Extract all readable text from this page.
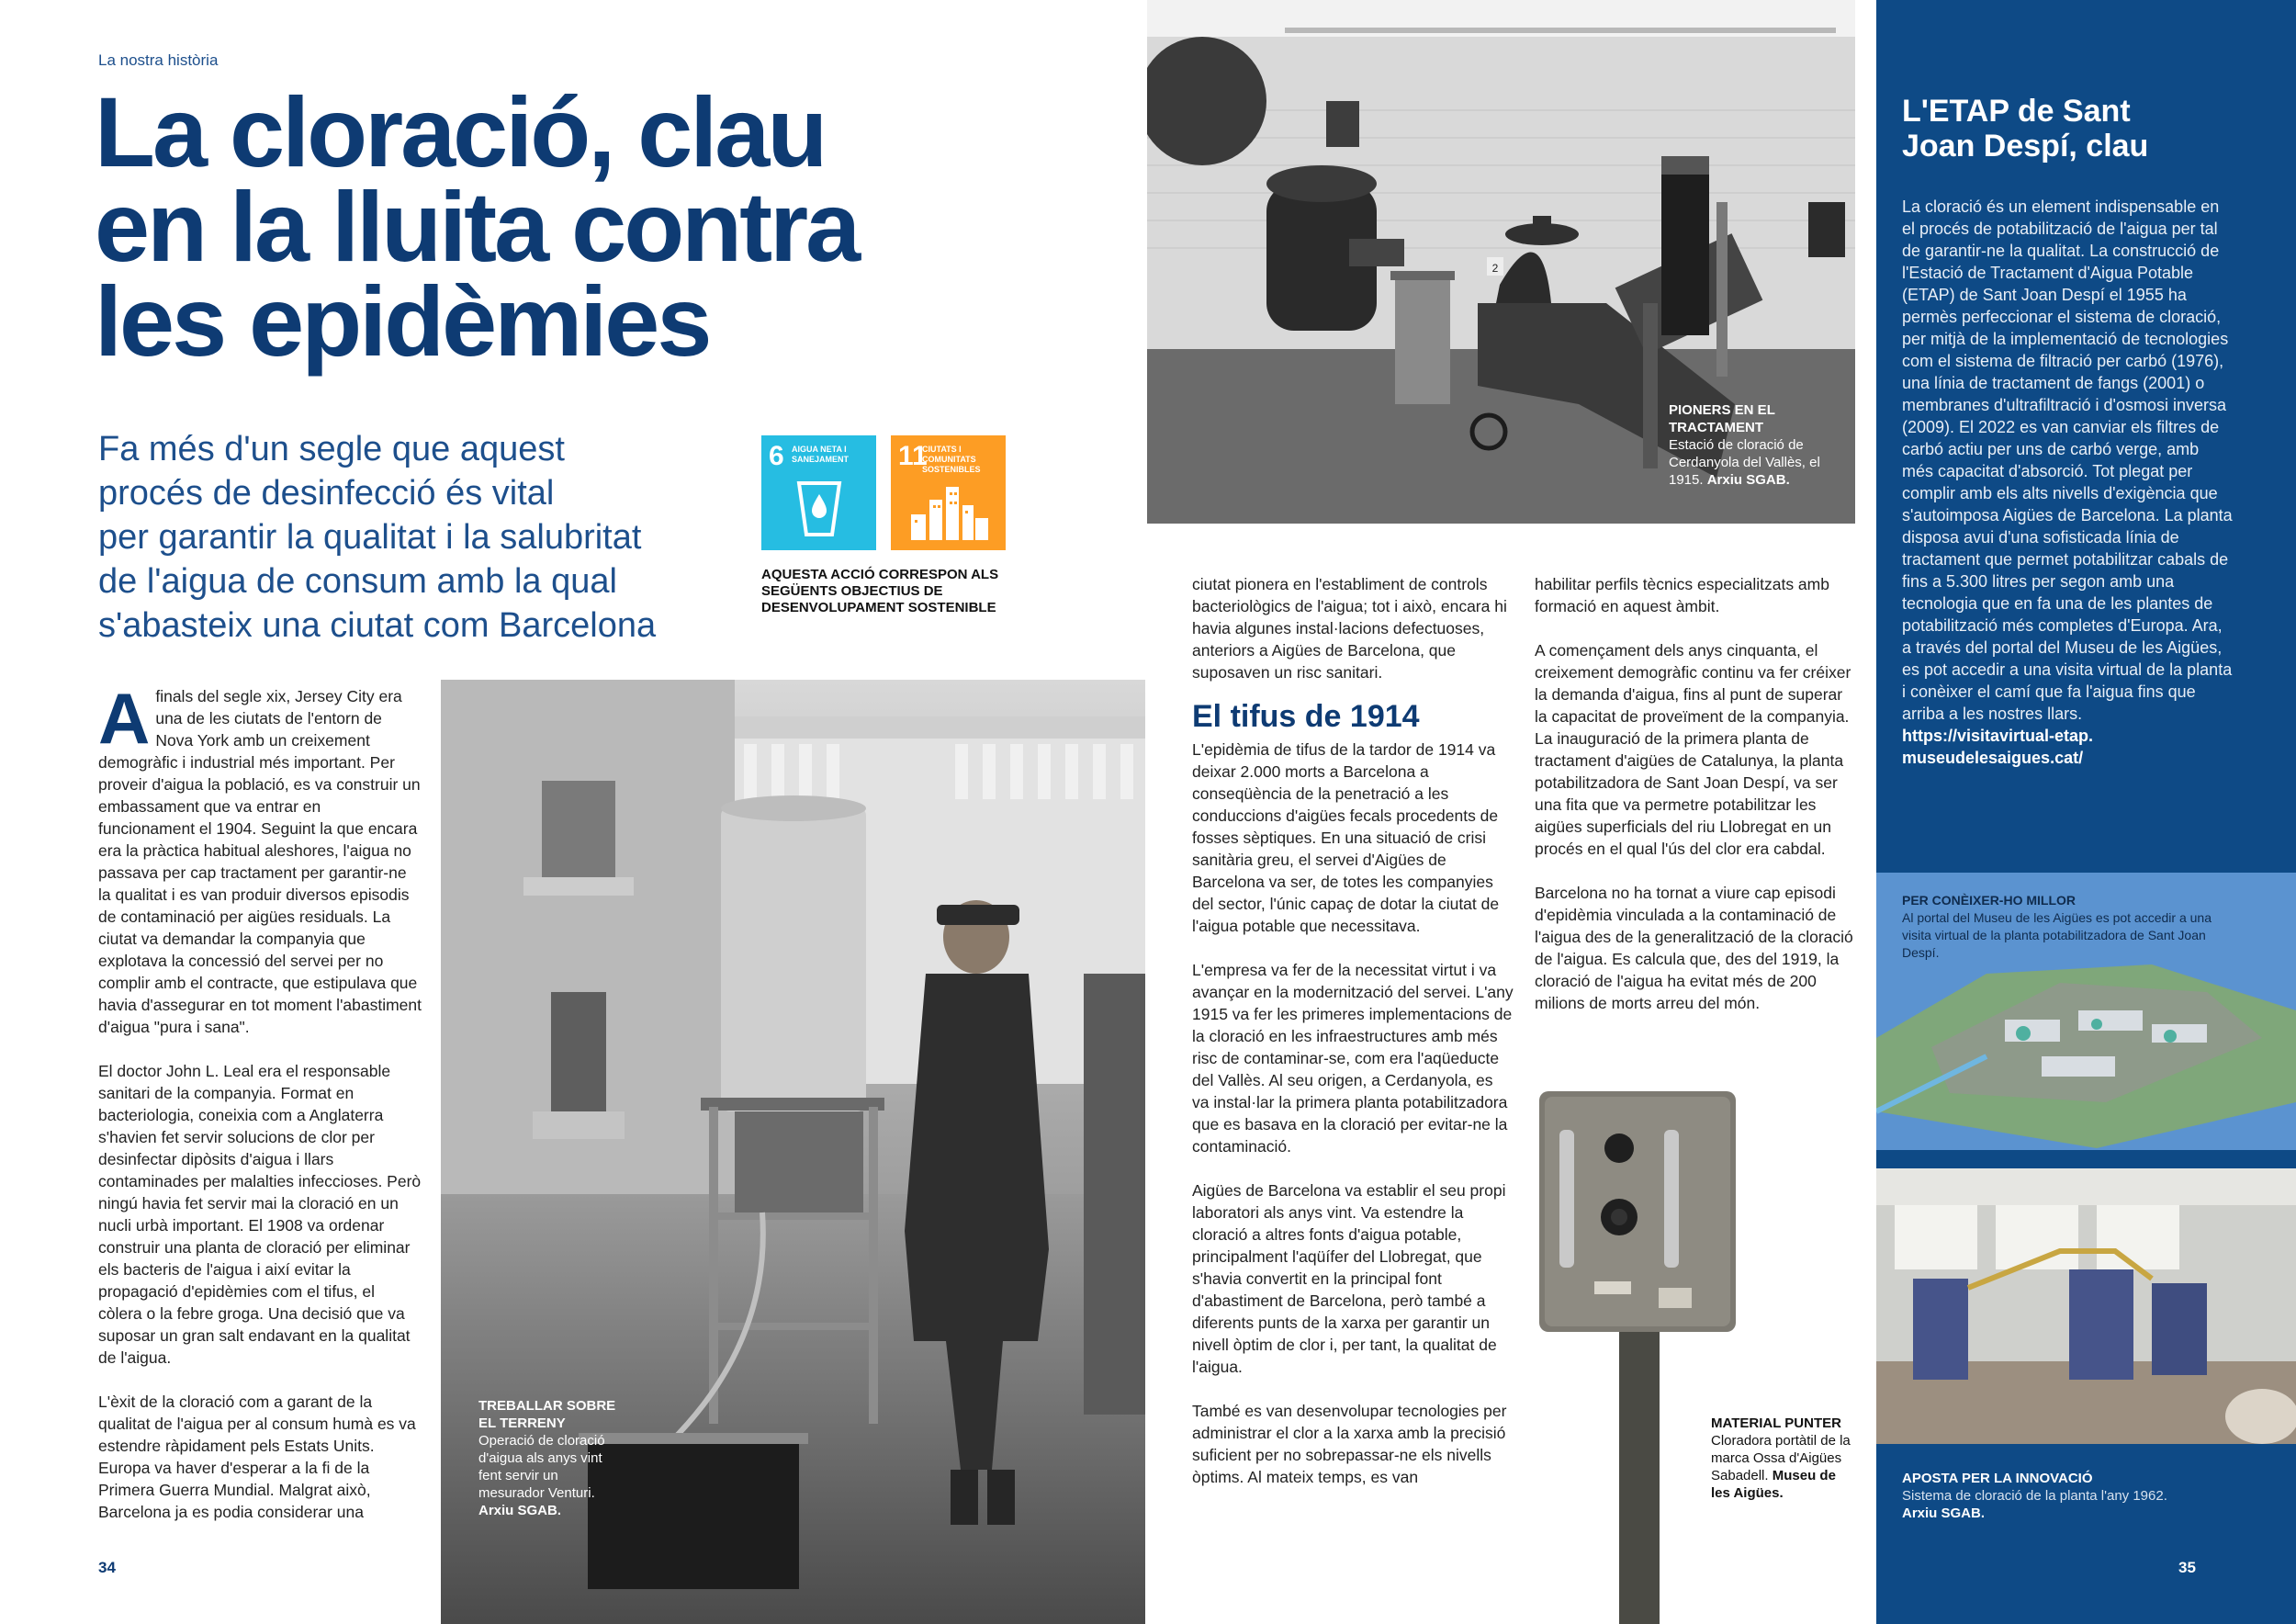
La nostra història
La cloració, clau
en la lluita contra
les epidèmies
Fa més d'un segle que aquest
procés de desinfecció és vital
per garantir la qualitat i la salubritat
de l'aigua de consum amb la qual
s'abasteix una ciutat com Barcelona
6 AIGUA NETA I SANEJAMENT	11
CIUTATS I COMUNITATS SOSTENIBLES
AQUESTA ACCIÓ CORRESPON ALS SEGÜENTS OBJECTIUS DE DESENVOLUPAMENT SOSTENIBLE

Afinals del segle xix, Jersey City era una de les ciutats de l'entorn de Nova York amb un creixement demogràfic i industrial més important. Per proveir d'aigua la població, es va construir un embassament que va entrar en funcionament el 1904. Seguint la que encara era la pràctica habitual aleshores, l'aigua no passava per cap tractament per garantir-ne la qualitat i es van produir diversos episodis de contaminació per aigües residuals. La ciutat va demandar la companyia que explotava la concessió del servei per no complir amb el contracte, que estipulava que havia d'assegurar en tot moment l'abastiment d'aigua "pura i sana".

El doctor John L. Leal era el responsable sanitari de la companyia. Format en bacteriologia, coneixia com a Anglaterra s'havien fet servir solucions de clor per desinfectar dipòsits d'aigua i llars contaminades per malalties infeccioses. Però ningú havia fet servir mai la cloració en un nucli urbà important. El 1908 va ordenar construir una planta de cloració per eliminar els bacteris de l'aigua i així evitar la propagació d'epidèmies com el tifus, el còlera o la febre groga. Una decisió que va suposar un gran salt endavant en la qualitat de l'aigua.

L'èxit de la cloració com a garant de la qualitat de l'aigua per al consum humà es va estendre ràpidament pels Estats Units. Europa va haver d'esperar a la fi de la Primera Guerra Mundial. Malgrat això, Barcelona ja es podia considerar una

TREBALLAR SOBRE EL TERRENY
Operació de cloració d'aigua als anys vint fent servir un mesurador Venturi.
Arxiu SGAB.
2
PIONERS EN EL TRACTAMENT
Estació de cloració de Cerdanyola del Vallès, el 1915. Arxiu SGAB.

ciutat pionera en l'establiment de controls bacteriològics de l'aigua; tot i això, encara hi havia algunes instal·lacions defectuoses, anteriors a Aigües de Barcelona, que suposaven un risc sanitari.

El tifus de 1914

L'epidèmia de tifus de la tardor de 1914 va deixar 2.000 morts a Barcelona a conseqüència de la penetració a les conduccions d'aigües fecals procedents de fosses sèptiques. En una situació de crisi sanitària greu, el servei d'Aigües de Barcelona va ser, de totes les companyies del sector, l'únic capaç de dotar la ciutat de l'aigua potable que necessitava.

L'empresa va fer de la necessitat virtut i va avançar en la modernització del servei. L'any 1915 va fer les primeres implementacions de la cloració en les infraestructures amb més risc de contaminar-se, com era l'aqüeducte del Vallès. Al seu origen, a Cerdanyola, es va instal·lar la primera planta potabilitzadora que es basava en la cloració per evitar-ne la contaminació.

Aigües de Barcelona va establir el seu propi laboratori als anys vint. Va estendre la cloració a altres fonts d'aigua potable, principalment l'aqüífer del Llobregat, que s'havia convertit en la principal font d'abastiment de Barcelona, però també a diferents punts de la xarxa per garantir un nivell òptim de clor i, per tant, la qualitat de l'aigua.

També es van desenvolupar tecnologies per administrar el clor a la xarxa amb la precisió suficient per no sobrepassar-ne els nivells òptims. Al mateix temps, es van

habilitar perfils tècnics especialitzats amb formació en aquest àmbit.

A començament dels anys cinquanta, el creixement demogràfic continu va fer créixer la demanda d'aigua, fins al punt de superar la capacitat de proveïment de la companyia. La inauguració de la primera planta de tractament d'aigües de Catalunya, la planta potabilitzadora de Sant Joan Despí, va ser una fita que va permetre potabilitzar les aigües superficials del riu Llobregat en un procés en el qual l'ús del clor era cabdal.

Barcelona no ha tornat a viure cap episodi d'epidèmia vinculada a la contaminació de l'aigua des de la generalització de la cloració de l'aigua. Es calcula que, des del 1919, la cloració de l'aigua ha evitat més de 200 milions de morts arreu del món.

MATERIAL PUNTER
Cloradora portàtil de la marca Ossa d'Aigües Sabadell. Museu de les Aigües.
L'ETAP de Sant
Joan Despí, clau
La cloració és un element indispensable en el procés de potabilització de l'aigua per tal de garantir-ne la qualitat. La construcció de l'Estació de Tractament d'Aigua Potable (ETAP) de Sant Joan Despí el 1955 ha permès perfeccionar el sistema de cloració, per mitjà de la implementació de tecnologies com el sistema de filtració per carbó (1976), una línia de tractament de fangs (2001) o membranes d'ultrafiltració i d'osmosi inversa (2009). El 2022 es van canviar els filtres de carbó actiu per uns de carbó verge, amb més capacitat d'absorció. Tot plegat per complir amb els alts nivells d'exigència que s'autoimposa Aigües de Barcelona. La planta disposa avui d'una sofisticada línia de tractament que permet potabilitzar cabals de fins a 5.300 litres per segon amb una tecnologia que en fa una de les plantes de potabilització més completes d'Europa. Ara, a través del portal del Museu de les Aigües, es pot accedir a una visita virtual de la planta i conèixer el camí que fa l'aigua fins que arriba a les nostres llars.
https://visitavirtual-etap.
museudelesaigues.cat/
PER CONÈIXER-HO MILLOR
Al portal del Museu de les Aigües es pot accedir a una visita virtual de la planta potabilitzadora de Sant Joan Despí.
APOSTA PER LA INNOVACIÓ
Sistema de cloració de la planta l'any 1962. Arxiu SGAB.
34	35
